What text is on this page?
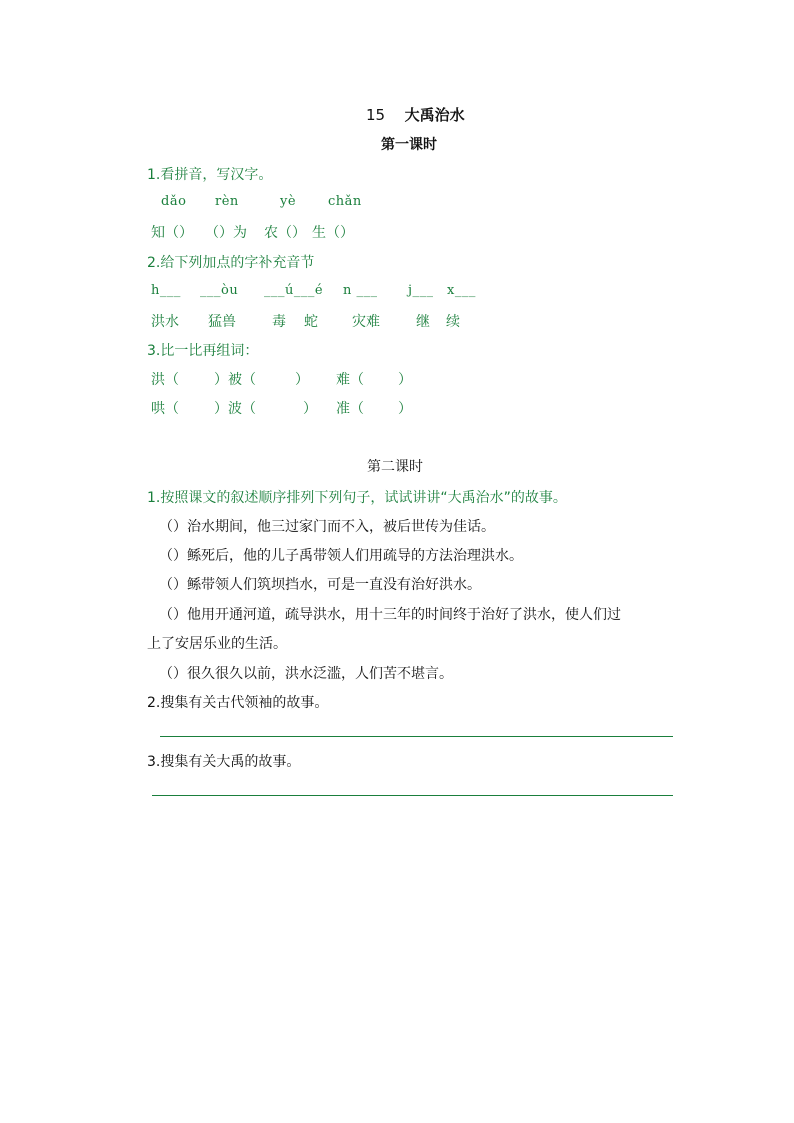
15 大禹治水
第一课时
1.看拼音，写汉字。
dǎo rèn	yè chǎn
知（） （）为 农（） 生（）
2.给下列加点的字补充音节
h___ ___òu ___ú___é n ___ j___ x___
洪水 猛兽	毒 蛇 灾难	继 续
3.比一比再组词：
洪（	）被（	） 难（ ）
哄（	）波（	） 准（ ）
第二课时
1.按照课文的叙述顺序排列下列句子，试试讲讲“大禹治水”的故事。
（）治水期间，他三过家门而不入，被后世传为佳话。
（）鲧死后，他的儿子禹带领人们用疏导的方法治理洪水。
（）鲧带领人们筑坝挡水，可是一直没有治好洪水。
（）他用开通河道，疏导洪水，用十三年的时间终于治好了洪水，使人们过
上了安居乐业的生活。
（）很久很久以前，洪水泛滥，人们苦不堪言。
2.搜集有关古代领袖的故事。
3.搜集有关大禹的故事。
